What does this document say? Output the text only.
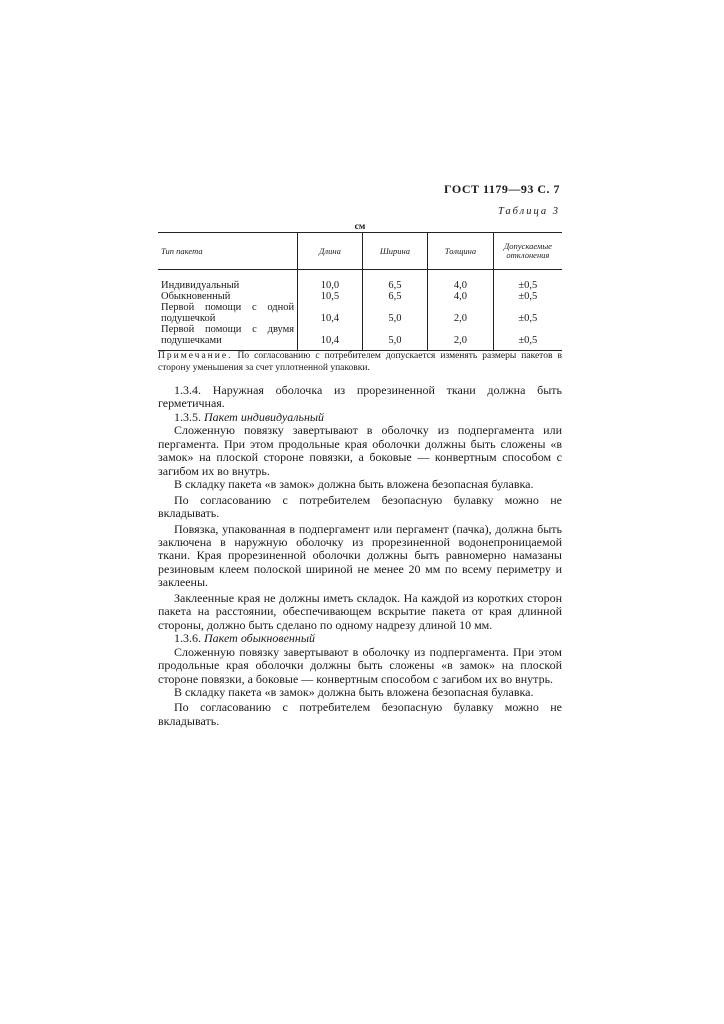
ГОСТ 1179—93 С. 7
Таблица 3
см
Тип пакета	Длина	Ширина	Толщина	Допускаемые отклонения
Индивидуальный	10,0	6,5	4,0	±0,5
Обыкновенный	10,5	6,5	4,0	±0,5

Первой помощи с одной подушечкой	10,4	5,0	2,0	±0,5

Первой помощи с двумя подушечками	10,4	5,0	2,0	±0,5
Примечание. По согласованию с потребителем допускается изменять размеры пакетов в сторону уменьшения за счет уплотненной упаковки.

1.3.4. Наружная оболочка из прорезиненной ткани должна быть герметичная.

1.3.5. Пакет индивидуальный

Сложенную повязку завертывают в оболочку из подпергамента или пергамента. При этом продольные края оболочки должны быть сложены «в замок» на плоской стороне повязки, а боковые — конвертным способом с загибом их во внутрь.

В складку пакета «в замок» должна быть вложена безопасная булавка.

По согласованию с потребителем безопасную булавку можно не вкладывать.

Повязка, упакованная в подпергамент или пергамент (пачка), должна быть заключена в наружную оболочку из прорезиненной водонепроницаемой ткани. Края прорезиненной оболочки должны быть равномерно намазаны резиновым клеем полоской шириной не менее 20 мм по всему периметру и заклеены.

Заклеенные края не должны иметь складок. На каждой из коротких сторон пакета на расстоянии, обеспечивающем вскрытие пакета от края длинной стороны, должно быть сделано по одному надрезу длиной 10 мм.

1.3.6. Пакет обыкновенный

Сложенную повязку завертывают в оболочку из подпергамента. При этом продольные края оболочки должны быть сложены «в замок» на плоской стороне повязки, а боковые — конвертным способом с загибом их во внутрь.

В складку пакета «в замок» должна быть вложена безопасная булавка.

По согласованию с потребителем безопасную булавку можно не вкладывать.
